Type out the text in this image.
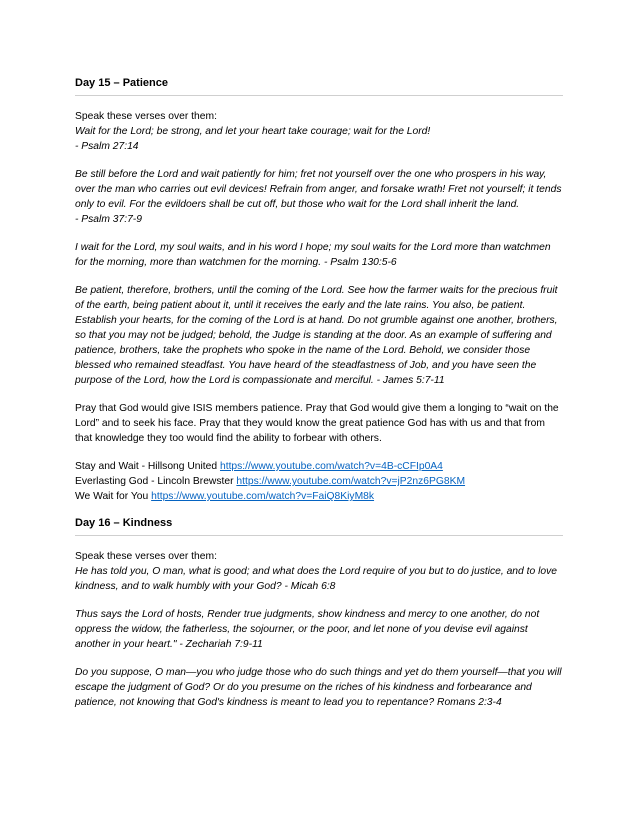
Day 15 – Patience

Speak these verses over them:

Wait for the Lord; be strong, and let your heart take courage; wait for the Lord!

- Psalm 27:14

Be still before the Lord and wait patiently for him; fret not yourself over the one who prospers in his way, over the man who carries out evil devices! Refrain from anger, and forsake wrath! Fret not yourself; it tends only to evil. For the evildoers shall be cut off, but those who wait for the Lord shall inherit the land.

- Psalm 37:7-9

I wait for the Lord, my soul waits, and in his word I hope; my soul waits for the Lord more than watchmen for the morning, more than watchmen for the morning. - Psalm 130:5-6

Be patient, therefore, brothers, until the coming of the Lord. See how the farmer waits for the precious fruit of the earth, being patient about it, until it receives the early and the late rains. You also, be patient. Establish your hearts, for the coming of the Lord is at hand. Do not grumble against one another, brothers, so that you may not be judged; behold, the Judge is standing at the door. As an example of suffering and patience, brothers, take the prophets who spoke in the name of the Lord. Behold, we consider those blessed who remained steadfast. You have heard of the steadfastness of Job, and you have seen the purpose of the Lord, how the Lord is compassionate and merciful. - James 5:7-11

Pray that God would give ISIS members patience. Pray that God would give them a longing to “wait on the Lord” and to seek his face. Pray that they would know the great patience God has with us and that from that knowledge they too would find the ability to forbear with others.

Stay and Wait - Hillsong United https://www.youtube.com/watch?v=4B-cCFIp0A4
Everlasting God - Lincoln Brewster https://www.youtube.com/watch?v=jP2nz6PG8KM
We Wait for You https://www.youtube.com/watch?v=FaiQ8KiyM8k
Day 16 – Kindness

Speak these verses over them:

He has told you, O man, what is good; and what does the Lord require of you but to do justice, and to love kindness, and to walk humbly with your God? - Micah 6:8

Thus says the Lord of hosts, Render true judgments, show kindness and mercy to one another, do not oppress the widow, the fatherless, the sojourner, or the poor, and let none of you devise evil against another in your heart." - Zechariah 7:9-11

Do you suppose, O man—you who judge those who do such things and yet do them yourself—that you will escape the judgment of God? Or do you presume on the riches of his kindness and forbearance and patience, not knowing that God's kindness is meant to lead you to repentance? Romans 2:3-4
